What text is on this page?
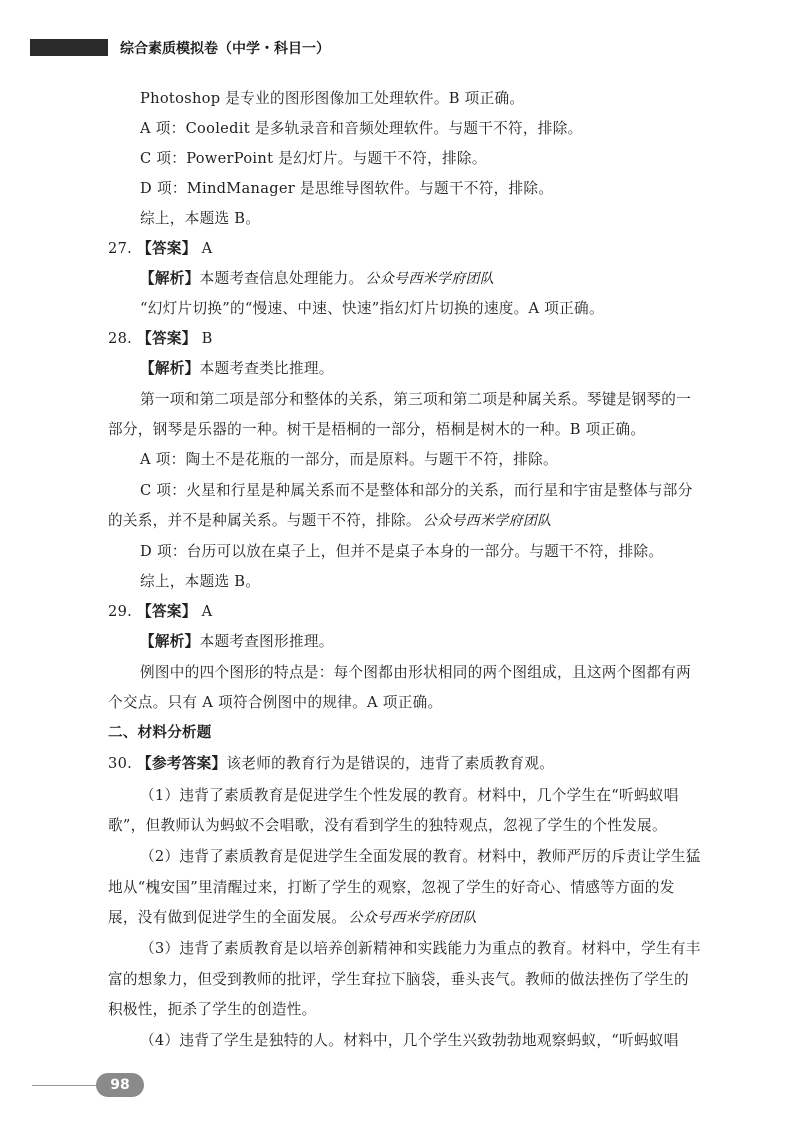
综合素质模拟卷（中学・科目一）
Photoshop 是专业的图形图像加工处理软件。B 项正确。
A 项：Cooledit 是多轨录音和音频处理软件。与题干不符，排除。
C 项：PowerPoint 是幻灯片。与题干不符，排除。
D 项：MindManager 是思维导图软件。与题干不符，排除。
综上，本题选 B。
27. 【答案】 A
【解析】本题考查信息处理能力。 公众号西米学府团队
“幻灯片切换”的“慢速、中速、快速”指幻灯片切换的速度。A 项正确。
28. 【答案】 B
【解析】本题考查类比推理。
第一项和第二项是部分和整体的关系，第三项和第二项是种属关系。琴键是钢琴的一
部分，钢琴是乐器的一种。树干是梧桐的一部分，梧桐是树木的一种。B 项正确。
A 项：陶土不是花瓶的一部分，而是原料。与题干不符，排除。
C 项：火星和行星是种属关系而不是整体和部分的关系，而行星和宇宙是整体与部分
的关系，并不是种属关系。与题干不符，排除。 公众号西米学府团队
D 项：台历可以放在桌子上，但并不是桌子本身的一部分。与题干不符，排除。
综上，本题选 B。
29. 【答案】 A
【解析】本题考查图形推理。
例图中的四个图形的特点是：每个图都由形状相同的两个图组成，且这两个图都有两
个交点。只有 A 项符合例图中的规律。A 项正确。
二、材料分析题
30. 【参考答案】该老师的教育行为是错误的，违背了素质教育观。
（1）违背了素质教育是促进学生个性发展的教育。材料中，几个学生在“听蚂蚁唱
歌”，但教师认为蚂蚁不会唱歌，没有看到学生的独特观点，忽视了学生的个性发展。
（2）违背了素质教育是促进学生全面发展的教育。材料中，教师严厉的斥责让学生猛
地从“槐安国”里清醒过来，打断了学生的观察，忽视了学生的好奇心、情感等方面的发
展，没有做到促进学生的全面发展。 公众号西米学府团队
（3）违背了素质教育是以培养创新精神和实践能力为重点的教育。材料中，学生有丰
富的想象力，但受到教师的批评，学生耷拉下脑袋，垂头丧气。教师的做法挫伤了学生的
积极性，扼杀了学生的创造性。
（4）违背了学生是独特的人。材料中，几个学生兴致勃勃地观察蚂蚁，“听蚂蚁唱
98
